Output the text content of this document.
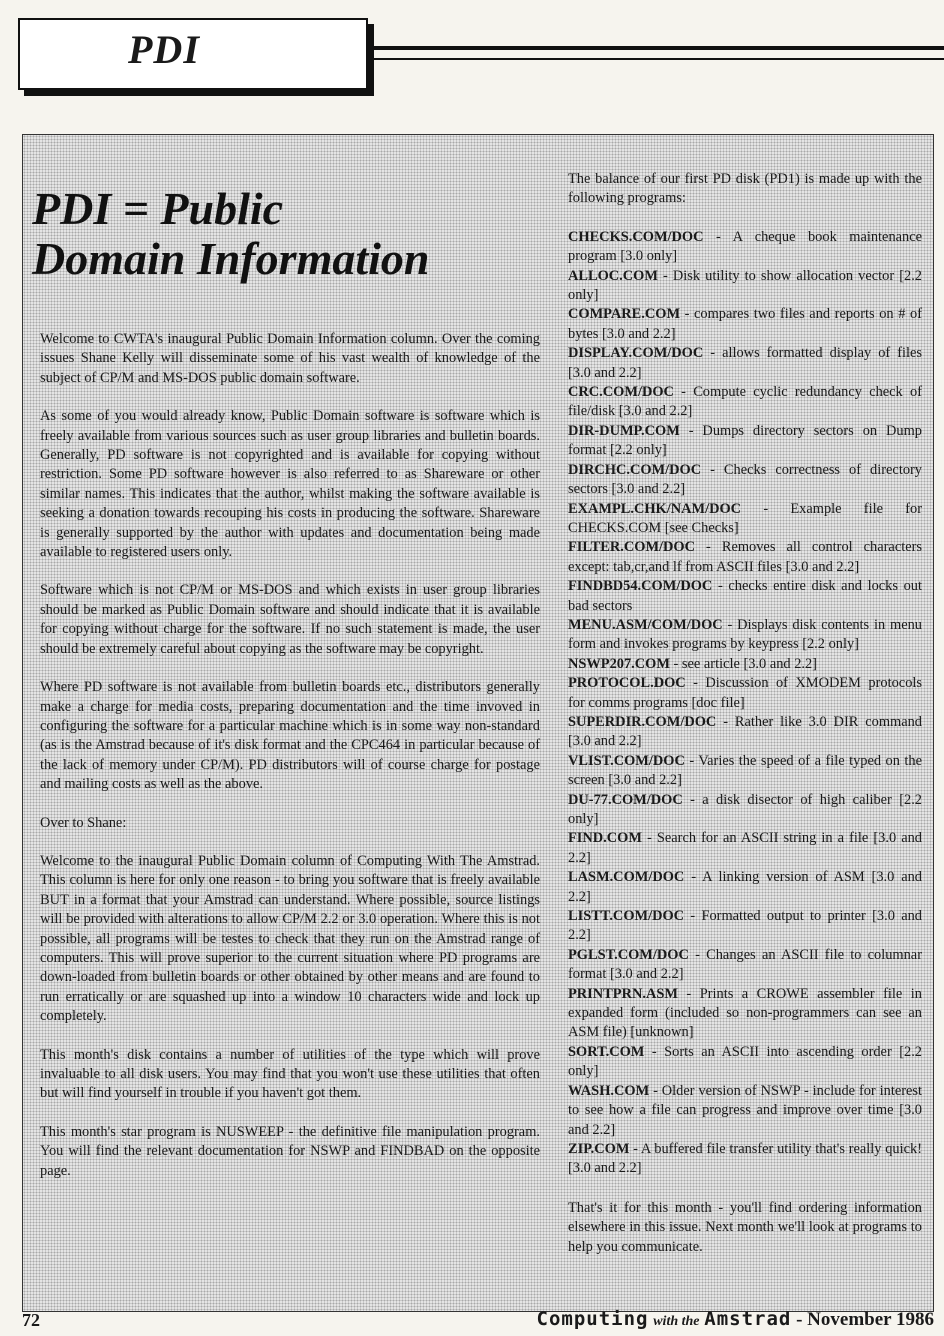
PDI
PDI = Public
Domain Information

Welcome to CWTA's inaugural Public Domain Information column. Over the coming issues Shane Kelly will disseminate some of his vast wealth of knowledge of the subject of CP/M and MS-DOS public domain software.

As some of you would already know, Public Domain software is software which is freely available from various sources such as user group libraries and bulletin boards. Generally, PD software is not copyrighted and is available for copying without restriction. Some PD software however is also referred to as Shareware or other similar names. This indicates that the author, whilst making the software available is seeking a donation towards recouping his costs in producing the software. Shareware is generally supported by the author with updates and documentation being made available to registered users only.

Software which is not CP/M or MS-DOS and which exists in user group libraries should be marked as Public Domain software and should indicate that it is available for copying without charge for the software. If no such statement is made, the user should be extremely careful about copying as the software may be copyright.

Where PD software is not available from bulletin boards etc., distributors generally make a charge for media costs, preparing documentation and the time invoved in configuring the software for a particular machine which is in some way non-standard (as is the Amstrad because of it's disk format and the CPC464 in particular because of the lack of memory under CP/M). PD distributors will of course charge for postage and mailing costs as well as the above.

Over to Shane:

Welcome to the inaugural Public Domain column of Computing With The Amstrad. This column is here for only one reason - to bring you software that is freely available BUT in a format that your Amstrad can understand. Where possible, source listings will be provided with alterations to allow CP/M 2.2 or 3.0 operation. Where this is not possible, all programs will be testes to check that they run on the Amstrad range of computers. This will prove superior to the current situation where PD programs are down-loaded from bulletin boards or other obtained by other means and are found to run erratically or are squashed up into a window 10 characters wide and lock up completely.

This month's disk contains a number of utilities of the type which will prove invaluable to all disk users. You may find that you won't use these utilities that often but will find yourself in trouble if you haven't got them.

This month's star program is NUSWEEP - the definitive file manipulation program. You will find the relevant documentation for NSWP and FINDBAD on the opposite page.

The balance of our first PD disk (PD1) is made up with the following programs:

CHECKS.COM/DOC - A cheque book maintenance program [3.0 only]

ALLOC.COM - Disk utility to show allocation vector [2.2 only]

COMPARE.COM - compares two files and reports on # of bytes [3.0 and 2.2]

DISPLAY.COM/DOC - allows formatted display of files [3.0 and 2.2]

CRC.COM/DOC - Compute cyclic redundancy check of file/disk [3.0 and 2.2]

DIR-DUMP.COM - Dumps directory sectors on Dump format [2.2 only]

DIRCHC.COM/DOC - Checks correctness of directory sectors [3.0 and 2.2]

EXAMPL.CHK/NAM/DOC - Example file for CHECKS.COM [see Checks]

FILTER.COM/DOC - Removes all control characters except: tab,cr,and lf from ASCII files [3.0 and 2.2]

FINDBD54.COM/DOC - checks entire disk and locks out bad sectors

MENU.ASM/COM/DOC - Displays disk contents in menu form and invokes programs by keypress [2.2 only]

NSWP207.COM - see article [3.0 and 2.2]

PROTOCOL.DOC - Discussion of XMODEM protocols for comms programs [doc file]

SUPERDIR.COM/DOC - Rather like 3.0 DIR command [3.0 and 2.2]

VLIST.COM/DOC - Varies the speed of a file typed on the screen [3.0 and 2.2]

DU-77.COM/DOC - a disk disector of high caliber [2.2 only]

FIND.COM - Search for an ASCII string in a file [3.0 and 2.2]

LASM.COM/DOC - A linking version of ASM [3.0 and 2.2]

LISTT.COM/DOC - Formatted output to printer [3.0 and 2.2]

PGLST.COM/DOC - Changes an ASCII file to columnar format [3.0 and 2.2]

PRINTPRN.ASM - Prints a CROWE assembler file in expanded form (included so non-programmers can see an ASM file) [unknown]

SORT.COM - Sorts an ASCII into ascending order [2.2 only]

WASH.COM - Older version of NSWP - include for interest to see how a file can progress and improve over time [3.0 and 2.2]

ZIP.COM - A buffered file transfer utility that's really quick! [3.0 and 2.2]

That's it for this month - you'll find ordering information elsewhere in this issue. Next month we'll look at programs to help you communicate.

72	Computing with the Amstrad - November 1986
